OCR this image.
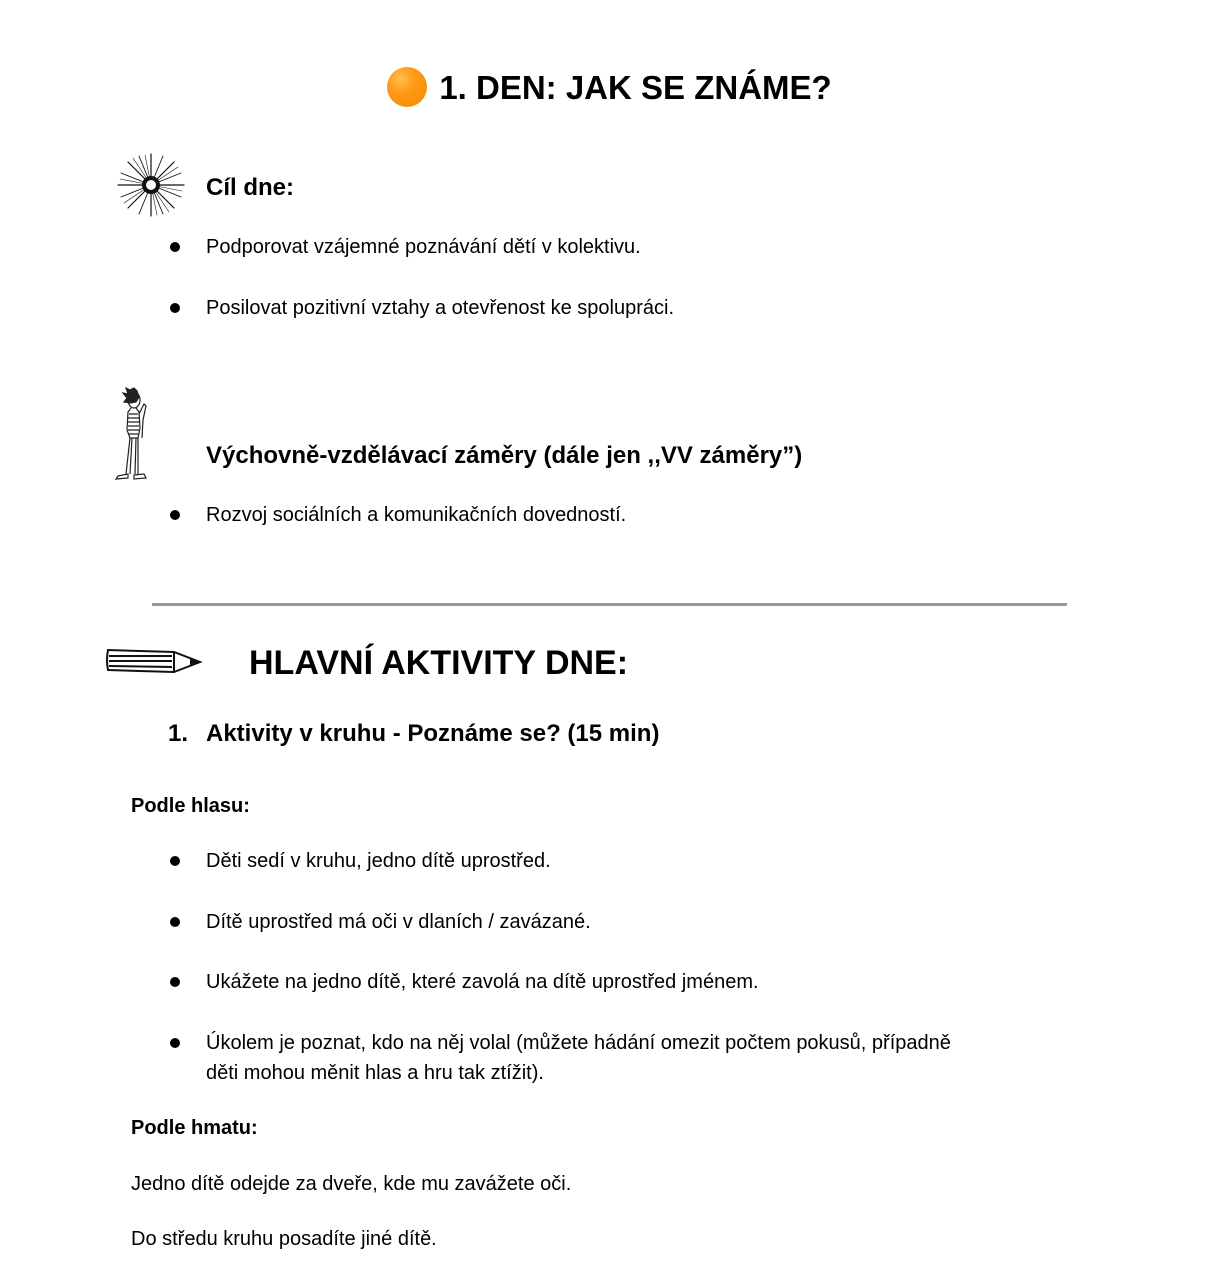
1. DEN: JAK SE ZNÁME?
Cíl dne:
Podporovat vzájemné poznávání dětí v kolektivu.
Posilovat pozitivní vztahy a otevřenost ke spolupráci.
Výchovně-vzdělávací záměry (dále jen ,,VV záměry”)
Rozvoj sociálních a komunikačních dovedností.
HLAVNÍ AKTIVITY DNE:
1. Aktivity v kruhu - Poznáme se? (15 min)
Podle hlasu:
Děti sedí v kruhu, jedno dítě uprostřed.
Dítě uprostřed má oči v dlaních / zavázané.
Ukážete na jedno dítě, které zavolá na dítě uprostřed jménem.
Úkolem je poznat, kdo na něj volal (můžete hádání omezit počtem pokusů, případně
děti mohou měnit hlas a hru tak ztížit).
Podle hmatu:
Jedno dítě odejde za dveře, kde mu zavážete oči.
Do středu kruhu posadíte jiné dítě.
